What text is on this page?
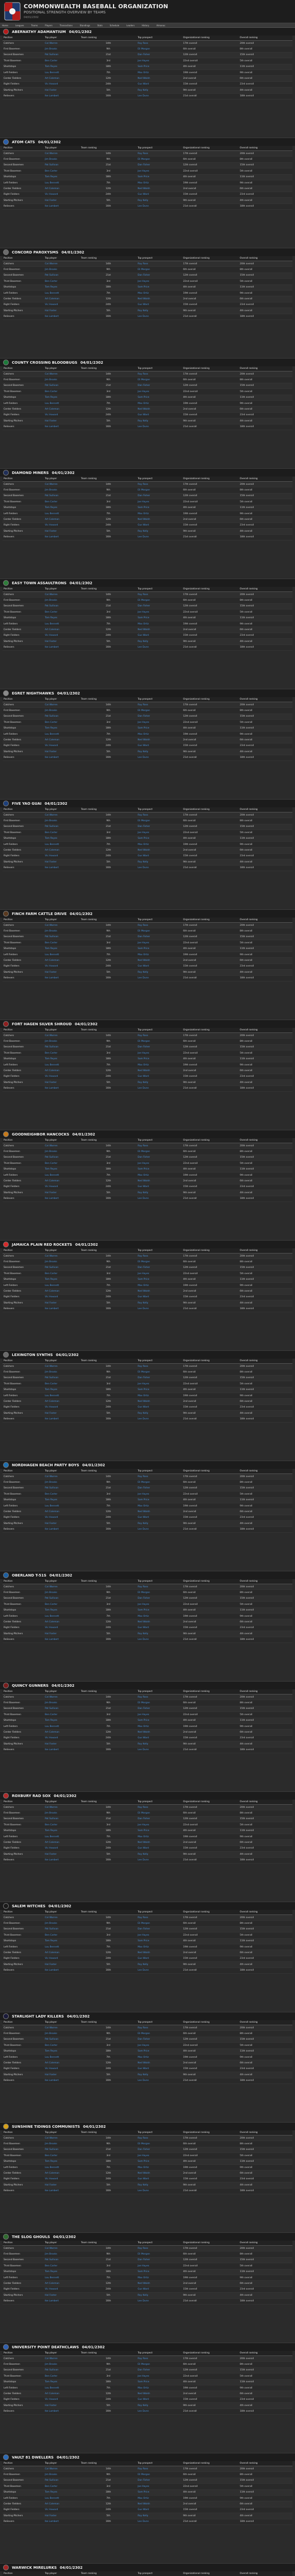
COMMONWEALTH BASEBALL ORGANIZATION
POSITIONAL STRENGTH OVERVIEW BY TEAMS
04/01/2302
Home	Leagues	Teams	Players	Transactions	Standings	Stats	Schedule	Leaders	History	Almanac
ABERNATHY ADAMANTIUM 04/01/2302
Position	Top player	Team ranking	Top prospect	Organizational ranking	Overall ranking
Catchers	Cal Warren	14th	Ray Ross	17th overall	20th overall
First Basemen	Jim Brooks	9th	Eli Morgan	6th overall	8th overall
Second Basemen	Pat Sullivan	21st	Dan Fisher	12th overall	15th overall
Third Basemen	Ben Carter	3rd	Joe Hayes	22nd overall	5th overall
Shortstops	Tom Reyes	18th	Sam Price	4th overall	11th overall
Left Fielders	Lou Bennett	7th	Max Ortiz	19th overall	9th overall
Center Fielders	Art Coleman	12th	Ned Walsh	2nd overall	6th overall
Right Fielders	Vic Howard	24th	Gus Ward	15th overall	23rd overall
Starting Pitchers	Hal Foster	5th	Roy Kelly	9th overall	4th overall
Relievers	Ike Lambert	16th	Lee Dunn	21st overall	18th overall
ATOM CATS 04/01/2302
Position	Top player	Team ranking	Top prospect	Organizational ranking	Overall ranking
Catchers	Cal Warren	14th	Ray Ross	17th overall	20th overall
First Basemen	Jim Brooks	9th	Eli Morgan	6th overall	8th overall
Second Basemen	Pat Sullivan	21st	Dan Fisher	12th overall	15th overall
Third Basemen	Ben Carter	3rd	Joe Hayes	22nd overall	5th overall
Shortstops	Tom Reyes	18th	Sam Price	4th overall	11th overall
Left Fielders	Lou Bennett	7th	Max Ortiz	19th overall	9th overall
Center Fielders	Art Coleman	12th	Ned Walsh	2nd overall	6th overall
Right Fielders	Vic Howard	24th	Gus Ward	15th overall	23rd overall
Starting Pitchers	Hal Foster	5th	Roy Kelly	9th overall	4th overall
Relievers	Ike Lambert	16th	Lee Dunn	21st overall	18th overall
CONCORD PAROXYSMS 04/01/2302
Position	Top player	Team ranking	Top prospect	Organizational ranking	Overall ranking
Catchers	Cal Warren	14th	Ray Ross	17th overall	20th overall
First Basemen	Jim Brooks	9th	Eli Morgan	6th overall	8th overall
Second Basemen	Pat Sullivan	21st	Dan Fisher	12th overall	15th overall
Third Basemen	Ben Carter	3rd	Joe Hayes	22nd overall	5th overall
Shortstops	Tom Reyes	18th	Sam Price	4th overall	11th overall
Left Fielders	Lou Bennett	7th	Max Ortiz	19th overall	9th overall
Center Fielders	Art Coleman	12th	Ned Walsh	2nd overall	6th overall
Right Fielders	Vic Howard	24th	Gus Ward	15th overall	23rd overall
Starting Pitchers	Hal Foster	5th	Roy Kelly	9th overall	4th overall
Relievers	Ike Lambert	16th	Lee Dunn	21st overall	18th overall
COUNTY CROSSING BLOODBUGS 04/01/2302
Position	Top player	Team ranking	Top prospect	Organizational ranking	Overall ranking
Catchers	Cal Warren	14th	Ray Ross	17th overall	20th overall
First Basemen	Jim Brooks	9th	Eli Morgan	6th overall	8th overall
Second Basemen	Pat Sullivan	21st	Dan Fisher	12th overall	15th overall
Third Basemen	Ben Carter	3rd	Joe Hayes	22nd overall	5th overall
Shortstops	Tom Reyes	18th	Sam Price	4th overall	11th overall
Left Fielders	Lou Bennett	7th	Max Ortiz	19th overall	9th overall
Center Fielders	Art Coleman	12th	Ned Walsh	2nd overall	6th overall
Right Fielders	Vic Howard	24th	Gus Ward	15th overall	23rd overall
Starting Pitchers	Hal Foster	5th	Roy Kelly	9th overall	4th overall
Relievers	Ike Lambert	16th	Lee Dunn	21st overall	18th overall
DIAMOND MINERS 04/01/2302
Position	Top player	Team ranking	Top prospect	Organizational ranking	Overall ranking
Catchers	Cal Warren	14th	Ray Ross	17th overall	20th overall
First Basemen	Jim Brooks	9th	Eli Morgan	6th overall	8th overall
Second Basemen	Pat Sullivan	21st	Dan Fisher	12th overall	15th overall
Third Basemen	Ben Carter	3rd	Joe Hayes	22nd overall	5th overall
Shortstops	Tom Reyes	18th	Sam Price	4th overall	11th overall
Left Fielders	Lou Bennett	7th	Max Ortiz	19th overall	9th overall
Center Fielders	Art Coleman	12th	Ned Walsh	2nd overall	6th overall
Right Fielders	Vic Howard	24th	Gus Ward	15th overall	23rd overall
Starting Pitchers	Hal Foster	5th	Roy Kelly	9th overall	4th overall
Relievers	Ike Lambert	16th	Lee Dunn	21st overall	18th overall
EASY TOWN ASSAULTRONS 04/01/2302
Position	Top player	Team ranking	Top prospect	Organizational ranking	Overall ranking
Catchers	Cal Warren	14th	Ray Ross	17th overall	20th overall
First Basemen	Jim Brooks	9th	Eli Morgan	6th overall	8th overall
Second Basemen	Pat Sullivan	21st	Dan Fisher	12th overall	15th overall
Third Basemen	Ben Carter	3rd	Joe Hayes	22nd overall	5th overall
Shortstops	Tom Reyes	18th	Sam Price	4th overall	11th overall
Left Fielders	Lou Bennett	7th	Max Ortiz	19th overall	9th overall
Center Fielders	Art Coleman	12th	Ned Walsh	2nd overall	6th overall
Right Fielders	Vic Howard	24th	Gus Ward	15th overall	23rd overall
Starting Pitchers	Hal Foster	5th	Roy Kelly	9th overall	4th overall
Relievers	Ike Lambert	16th	Lee Dunn	21st overall	18th overall
EGRET NIGHTHAWKS 04/01/2302
Position	Top player	Team ranking	Top prospect	Organizational ranking	Overall ranking
Catchers	Cal Warren	14th	Ray Ross	17th overall	20th overall
First Basemen	Jim Brooks	9th	Eli Morgan	6th overall	8th overall
Second Basemen	Pat Sullivan	21st	Dan Fisher	12th overall	15th overall
Third Basemen	Ben Carter	3rd	Joe Hayes	22nd overall	5th overall
Shortstops	Tom Reyes	18th	Sam Price	4th overall	11th overall
Left Fielders	Lou Bennett	7th	Max Ortiz	19th overall	9th overall
Center Fielders	Art Coleman	12th	Ned Walsh	2nd overall	6th overall
Right Fielders	Vic Howard	24th	Gus Ward	15th overall	23rd overall
Starting Pitchers	Hal Foster	5th	Roy Kelly	9th overall	4th overall
Relievers	Ike Lambert	16th	Lee Dunn	21st overall	18th overall
FIVE YAO GUAI 04/01/2302
Position	Top player	Team ranking	Top prospect	Organizational ranking	Overall ranking
Catchers	Cal Warren	14th	Ray Ross	17th overall	20th overall
First Basemen	Jim Brooks	9th	Eli Morgan	6th overall	8th overall
Second Basemen	Pat Sullivan	21st	Dan Fisher	12th overall	15th overall
Third Basemen	Ben Carter	3rd	Joe Hayes	22nd overall	5th overall
Shortstops	Tom Reyes	18th	Sam Price	4th overall	11th overall
Left Fielders	Lou Bennett	7th	Max Ortiz	19th overall	9th overall
Center Fielders	Art Coleman	12th	Ned Walsh	2nd overall	6th overall
Right Fielders	Vic Howard	24th	Gus Ward	15th overall	23rd overall
Starting Pitchers	Hal Foster	5th	Roy Kelly	9th overall	4th overall
Relievers	Ike Lambert	16th	Lee Dunn	21st overall	18th overall
FINCH FARM CATTLE DRIVE 04/01/2302
Position	Top player	Team ranking	Top prospect	Organizational ranking	Overall ranking
Catchers	Cal Warren	14th	Ray Ross	17th overall	20th overall
First Basemen	Jim Brooks	9th	Eli Morgan	6th overall	8th overall
Second Basemen	Pat Sullivan	21st	Dan Fisher	12th overall	15th overall
Third Basemen	Ben Carter	3rd	Joe Hayes	22nd overall	5th overall
Shortstops	Tom Reyes	18th	Sam Price	4th overall	11th overall
Left Fielders	Lou Bennett	7th	Max Ortiz	19th overall	9th overall
Center Fielders	Art Coleman	12th	Ned Walsh	2nd overall	6th overall
Right Fielders	Vic Howard	24th	Gus Ward	15th overall	23rd overall
Starting Pitchers	Hal Foster	5th	Roy Kelly	9th overall	4th overall
Relievers	Ike Lambert	16th	Lee Dunn	21st overall	18th overall
FORT HAGEN SILVER SHROUD 04/01/2302
Position	Top player	Team ranking	Top prospect	Organizational ranking	Overall ranking
Catchers	Cal Warren	14th	Ray Ross	17th overall	20th overall
First Basemen	Jim Brooks	9th	Eli Morgan	6th overall	8th overall
Second Basemen	Pat Sullivan	21st	Dan Fisher	12th overall	15th overall
Third Basemen	Ben Carter	3rd	Joe Hayes	22nd overall	5th overall
Shortstops	Tom Reyes	18th	Sam Price	4th overall	11th overall
Left Fielders	Lou Bennett	7th	Max Ortiz	19th overall	9th overall
Center Fielders	Art Coleman	12th	Ned Walsh	2nd overall	6th overall
Right Fielders	Vic Howard	24th	Gus Ward	15th overall	23rd overall
Starting Pitchers	Hal Foster	5th	Roy Kelly	9th overall	4th overall
Relievers	Ike Lambert	16th	Lee Dunn	21st overall	18th overall
GOODNEIGHBOR HANCOCKS 04/01/2302
Position	Top player	Team ranking	Top prospect	Organizational ranking	Overall ranking
Catchers	Cal Warren	14th	Ray Ross	17th overall	20th overall
First Basemen	Jim Brooks	9th	Eli Morgan	6th overall	8th overall
Second Basemen	Pat Sullivan	21st	Dan Fisher	12th overall	15th overall
Third Basemen	Ben Carter	3rd	Joe Hayes	22nd overall	5th overall
Shortstops	Tom Reyes	18th	Sam Price	4th overall	11th overall
Left Fielders	Lou Bennett	7th	Max Ortiz	19th overall	9th overall
Center Fielders	Art Coleman	12th	Ned Walsh	2nd overall	6th overall
Right Fielders	Vic Howard	24th	Gus Ward	15th overall	23rd overall
Starting Pitchers	Hal Foster	5th	Roy Kelly	9th overall	4th overall
Relievers	Ike Lambert	16th	Lee Dunn	21st overall	18th overall
JAMAICA PLAIN RED ROCKETS 04/01/2302
Position	Top player	Team ranking	Top prospect	Organizational ranking	Overall ranking
Catchers	Cal Warren	14th	Ray Ross	17th overall	20th overall
First Basemen	Jim Brooks	9th	Eli Morgan	6th overall	8th overall
Second Basemen	Pat Sullivan	21st	Dan Fisher	12th overall	15th overall
Third Basemen	Ben Carter	3rd	Joe Hayes	22nd overall	5th overall
Shortstops	Tom Reyes	18th	Sam Price	4th overall	11th overall
Left Fielders	Lou Bennett	7th	Max Ortiz	19th overall	9th overall
Center Fielders	Art Coleman	12th	Ned Walsh	2nd overall	6th overall
Right Fielders	Vic Howard	24th	Gus Ward	15th overall	23rd overall
Starting Pitchers	Hal Foster	5th	Roy Kelly	9th overall	4th overall
Relievers	Ike Lambert	16th	Lee Dunn	21st overall	18th overall
LEXINGTON SYNTHS 04/01/2302
Position	Top player	Team ranking	Top prospect	Organizational ranking	Overall ranking
Catchers	Cal Warren	14th	Ray Ross	17th overall	20th overall
First Basemen	Jim Brooks	9th	Eli Morgan	6th overall	8th overall
Second Basemen	Pat Sullivan	21st	Dan Fisher	12th overall	15th overall
Third Basemen	Ben Carter	3rd	Joe Hayes	22nd overall	5th overall
Shortstops	Tom Reyes	18th	Sam Price	4th overall	11th overall
Left Fielders	Lou Bennett	7th	Max Ortiz	19th overall	9th overall
Center Fielders	Art Coleman	12th	Ned Walsh	2nd overall	6th overall
Right Fielders	Vic Howard	24th	Gus Ward	15th overall	23rd overall
Starting Pitchers	Hal Foster	5th	Roy Kelly	9th overall	4th overall
Relievers	Ike Lambert	16th	Lee Dunn	21st overall	18th overall
NORDHAGEN BEACH PARTY BOYS 04/01/2302
Position	Top player	Team ranking	Top prospect	Organizational ranking	Overall ranking
Catchers	Cal Warren	14th	Ray Ross	17th overall	20th overall
First Basemen	Jim Brooks	9th	Eli Morgan	6th overall	8th overall
Second Basemen	Pat Sullivan	21st	Dan Fisher	12th overall	15th overall
Third Basemen	Ben Carter	3rd	Joe Hayes	22nd overall	5th overall
Shortstops	Tom Reyes	18th	Sam Price	4th overall	11th overall
Left Fielders	Lou Bennett	7th	Max Ortiz	19th overall	9th overall
Center Fielders	Art Coleman	12th	Ned Walsh	2nd overall	6th overall
Right Fielders	Vic Howard	24th	Gus Ward	15th overall	23rd overall
Starting Pitchers	Hal Foster	5th	Roy Kelly	9th overall	4th overall
Relievers	Ike Lambert	16th	Lee Dunn	21st overall	18th overall
OBERLAND T-51S 04/01/2302
Position	Top player	Team ranking	Top prospect	Organizational ranking	Overall ranking
Catchers	Cal Warren	14th	Ray Ross	17th overall	20th overall
First Basemen	Jim Brooks	9th	Eli Morgan	6th overall	8th overall
Second Basemen	Pat Sullivan	21st	Dan Fisher	12th overall	15th overall
Third Basemen	Ben Carter	3rd	Joe Hayes	22nd overall	5th overall
Shortstops	Tom Reyes	18th	Sam Price	4th overall	11th overall
Left Fielders	Lou Bennett	7th	Max Ortiz	19th overall	9th overall
Center Fielders	Art Coleman	12th	Ned Walsh	2nd overall	6th overall
Right Fielders	Vic Howard	24th	Gus Ward	15th overall	23rd overall
Starting Pitchers	Hal Foster	5th	Roy Kelly	9th overall	4th overall
Relievers	Ike Lambert	16th	Lee Dunn	21st overall	18th overall
QUINCY GUNNERS 04/01/2302
Position	Top player	Team ranking	Top prospect	Organizational ranking	Overall ranking
Catchers	Cal Warren	14th	Ray Ross	17th overall	20th overall
First Basemen	Jim Brooks	9th	Eli Morgan	6th overall	8th overall
Second Basemen	Pat Sullivan	21st	Dan Fisher	12th overall	15th overall
Third Basemen	Ben Carter	3rd	Joe Hayes	22nd overall	5th overall
Shortstops	Tom Reyes	18th	Sam Price	4th overall	11th overall
Left Fielders	Lou Bennett	7th	Max Ortiz	19th overall	9th overall
Center Fielders	Art Coleman	12th	Ned Walsh	2nd overall	6th overall
Right Fielders	Vic Howard	24th	Gus Ward	15th overall	23rd overall
Starting Pitchers	Hal Foster	5th	Roy Kelly	9th overall	4th overall
Relievers	Ike Lambert	16th	Lee Dunn	21st overall	18th overall
ROXBURY RAD SOX 04/01/2302
Position	Top player	Team ranking	Top prospect	Organizational ranking	Overall ranking
Catchers	Cal Warren	14th	Ray Ross	17th overall	20th overall
First Basemen	Jim Brooks	9th	Eli Morgan	6th overall	8th overall
Second Basemen	Pat Sullivan	21st	Dan Fisher	12th overall	15th overall
Third Basemen	Ben Carter	3rd	Joe Hayes	22nd overall	5th overall
Shortstops	Tom Reyes	18th	Sam Price	4th overall	11th overall
Left Fielders	Lou Bennett	7th	Max Ortiz	19th overall	9th overall
Center Fielders	Art Coleman	12th	Ned Walsh	2nd overall	6th overall
Right Fielders	Vic Howard	24th	Gus Ward	15th overall	23rd overall
Starting Pitchers	Hal Foster	5th	Roy Kelly	9th overall	4th overall
Relievers	Ike Lambert	16th	Lee Dunn	21st overall	18th overall
SALEM WITCHES 04/01/2302
Position	Top player	Team ranking	Top prospect	Organizational ranking	Overall ranking
Catchers	Cal Warren	14th	Ray Ross	17th overall	20th overall
First Basemen	Jim Brooks	9th	Eli Morgan	6th overall	8th overall
Second Basemen	Pat Sullivan	21st	Dan Fisher	12th overall	15th overall
Third Basemen	Ben Carter	3rd	Joe Hayes	22nd overall	5th overall
Shortstops	Tom Reyes	18th	Sam Price	4th overall	11th overall
Left Fielders	Lou Bennett	7th	Max Ortiz	19th overall	9th overall
Center Fielders	Art Coleman	12th	Ned Walsh	2nd overall	6th overall
Right Fielders	Vic Howard	24th	Gus Ward	15th overall	23rd overall
Starting Pitchers	Hal Foster	5th	Roy Kelly	9th overall	4th overall
Relievers	Ike Lambert	16th	Lee Dunn	21st overall	18th overall
STARLIGHT LADY KILLERS 04/01/2302
Position	Top player	Team ranking	Top prospect	Organizational ranking	Overall ranking
Catchers	Cal Warren	14th	Ray Ross	17th overall	20th overall
First Basemen	Jim Brooks	9th	Eli Morgan	6th overall	8th overall
Second Basemen	Pat Sullivan	21st	Dan Fisher	12th overall	15th overall
Third Basemen	Ben Carter	3rd	Joe Hayes	22nd overall	5th overall
Shortstops	Tom Reyes	18th	Sam Price	4th overall	11th overall
Left Fielders	Lou Bennett	7th	Max Ortiz	19th overall	9th overall
Center Fielders	Art Coleman	12th	Ned Walsh	2nd overall	6th overall
Right Fielders	Vic Howard	24th	Gus Ward	15th overall	23rd overall
Starting Pitchers	Hal Foster	5th	Roy Kelly	9th overall	4th overall
Relievers	Ike Lambert	16th	Lee Dunn	21st overall	18th overall
SUNSHINE TIDINGS COMMUNISTS 04/01/2302
Position	Top player	Team ranking	Top prospect	Organizational ranking	Overall ranking
Catchers	Cal Warren	14th	Ray Ross	17th overall	20th overall
First Basemen	Jim Brooks	9th	Eli Morgan	6th overall	8th overall
Second Basemen	Pat Sullivan	21st	Dan Fisher	12th overall	15th overall
Third Basemen	Ben Carter	3rd	Joe Hayes	22nd overall	5th overall
Shortstops	Tom Reyes	18th	Sam Price	4th overall	11th overall
Left Fielders	Lou Bennett	7th	Max Ortiz	19th overall	9th overall
Center Fielders	Art Coleman	12th	Ned Walsh	2nd overall	6th overall
Right Fielders	Vic Howard	24th	Gus Ward	15th overall	23rd overall
Starting Pitchers	Hal Foster	5th	Roy Kelly	9th overall	4th overall
Relievers	Ike Lambert	16th	Lee Dunn	21st overall	18th overall
THE SLOG GHOULS 04/01/2302
Position	Top player	Team ranking	Top prospect	Organizational ranking	Overall ranking
Catchers	Cal Warren	14th	Ray Ross	17th overall	20th overall
First Basemen	Jim Brooks	9th	Eli Morgan	6th overall	8th overall
Second Basemen	Pat Sullivan	21st	Dan Fisher	12th overall	15th overall
Third Basemen	Ben Carter	3rd	Joe Hayes	22nd overall	5th overall
Shortstops	Tom Reyes	18th	Sam Price	4th overall	11th overall
Left Fielders	Lou Bennett	7th	Max Ortiz	19th overall	9th overall
Center Fielders	Art Coleman	12th	Ned Walsh	2nd overall	6th overall
Right Fielders	Vic Howard	24th	Gus Ward	15th overall	23rd overall
Starting Pitchers	Hal Foster	5th	Roy Kelly	9th overall	4th overall
Relievers	Ike Lambert	16th	Lee Dunn	21st overall	18th overall
UNIVERSITY POINT DEATHCLAWS 04/01/2302
Position	Top player	Team ranking	Top prospect	Organizational ranking	Overall ranking
Catchers	Cal Warren	14th	Ray Ross	17th overall	20th overall
First Basemen	Jim Brooks	9th	Eli Morgan	6th overall	8th overall
Second Basemen	Pat Sullivan	21st	Dan Fisher	12th overall	15th overall
Third Basemen	Ben Carter	3rd	Joe Hayes	22nd overall	5th overall
Shortstops	Tom Reyes	18th	Sam Price	4th overall	11th overall
Left Fielders	Lou Bennett	7th	Max Ortiz	19th overall	9th overall
Center Fielders	Art Coleman	12th	Ned Walsh	2nd overall	6th overall
Right Fielders	Vic Howard	24th	Gus Ward	15th overall	23rd overall
Starting Pitchers	Hal Foster	5th	Roy Kelly	9th overall	4th overall
Relievers	Ike Lambert	16th	Lee Dunn	21st overall	18th overall
VAULT 81 DWELLERS 04/01/2302
Position	Top player	Team ranking	Top prospect	Organizational ranking	Overall ranking
Catchers	Cal Warren	14th	Ray Ross	17th overall	20th overall
First Basemen	Jim Brooks	9th	Eli Morgan	6th overall	8th overall
Second Basemen	Pat Sullivan	21st	Dan Fisher	12th overall	15th overall
Third Basemen	Ben Carter	3rd	Joe Hayes	22nd overall	5th overall
Shortstops	Tom Reyes	18th	Sam Price	4th overall	11th overall
Left Fielders	Lou Bennett	7th	Max Ortiz	19th overall	9th overall
Center Fielders	Art Coleman	12th	Ned Walsh	2nd overall	6th overall
Right Fielders	Vic Howard	24th	Gus Ward	15th overall	23rd overall
Starting Pitchers	Hal Foster	5th	Roy Kelly	9th overall	4th overall
Relievers	Ike Lambert	16th	Lee Dunn	21st overall	18th overall
WARWICK MIRELURKS 04/01/2302
Position	Top player	Team ranking	Top prospect	Organizational ranking	Overall ranking
